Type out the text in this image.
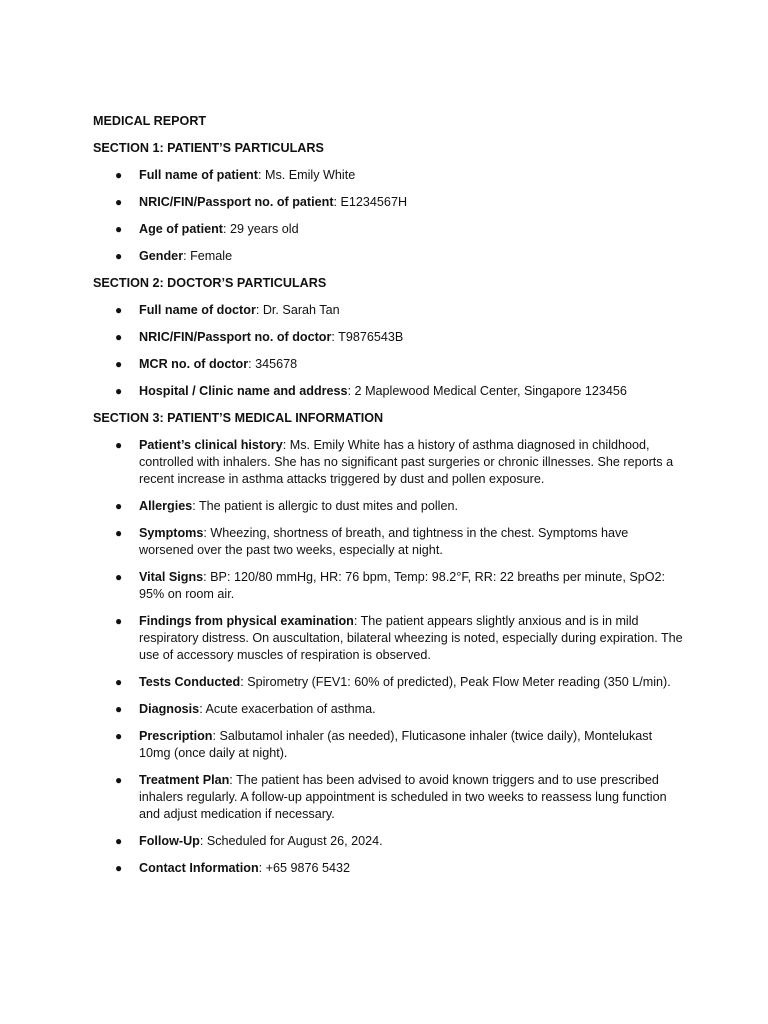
MEDICAL REPORT
SECTION 1: PATIENT’S PARTICULARS
● Full name of patient: Ms. Emily White
● NRIC/FIN/Passport no. of patient: E1234567H
● Age of patient: 29 years old
● Gender: Female
SECTION 2: DOCTOR’S PARTICULARS
● Full name of doctor: Dr. Sarah Tan
● NRIC/FIN/Passport no. of doctor: T9876543B
● MCR no. of doctor: 345678
● Hospital / Clinic name and address: 2 Maplewood Medical Center, Singapore 123456
SECTION 3: PATIENT’S MEDICAL INFORMATION
● Patient’s clinical history: Ms. Emily White has a history of asthma diagnosed in childhood, controlled with inhalers. She has no significant past surgeries or chronic illnesses. She reports a recent increase in asthma attacks triggered by dust and pollen exposure.
● Allergies: The patient is allergic to dust mites and pollen.
● Symptoms: Wheezing, shortness of breath, and tightness in the chest. Symptoms have worsened over the past two weeks, especially at night.
● Vital Signs: BP: 120/80 mmHg, HR: 76 bpm, Temp: 98.2°F, RR: 22 breaths per minute, SpO2: 95% on room air.
● Findings from physical examination: The patient appears slightly anxious and is in mild respiratory distress. On auscultation, bilateral wheezing is noted, especially during expiration. The use of accessory muscles of respiration is observed.
● Tests Conducted: Spirometry (FEV1: 60% of predicted), Peak Flow Meter reading (350 L/min).
● Diagnosis: Acute exacerbation of asthma.
● Prescription: Salbutamol inhaler (as needed), Fluticasone inhaler (twice daily), Montelukast 10mg (once daily at night).
● Treatment Plan: The patient has been advised to avoid known triggers and to use prescribed inhalers regularly. A follow-up appointment is scheduled in two weeks to reassess lung function and adjust medication if necessary.
● Follow-Up: Scheduled for August 26, 2024.
● Contact Information: +65 9876 5432
